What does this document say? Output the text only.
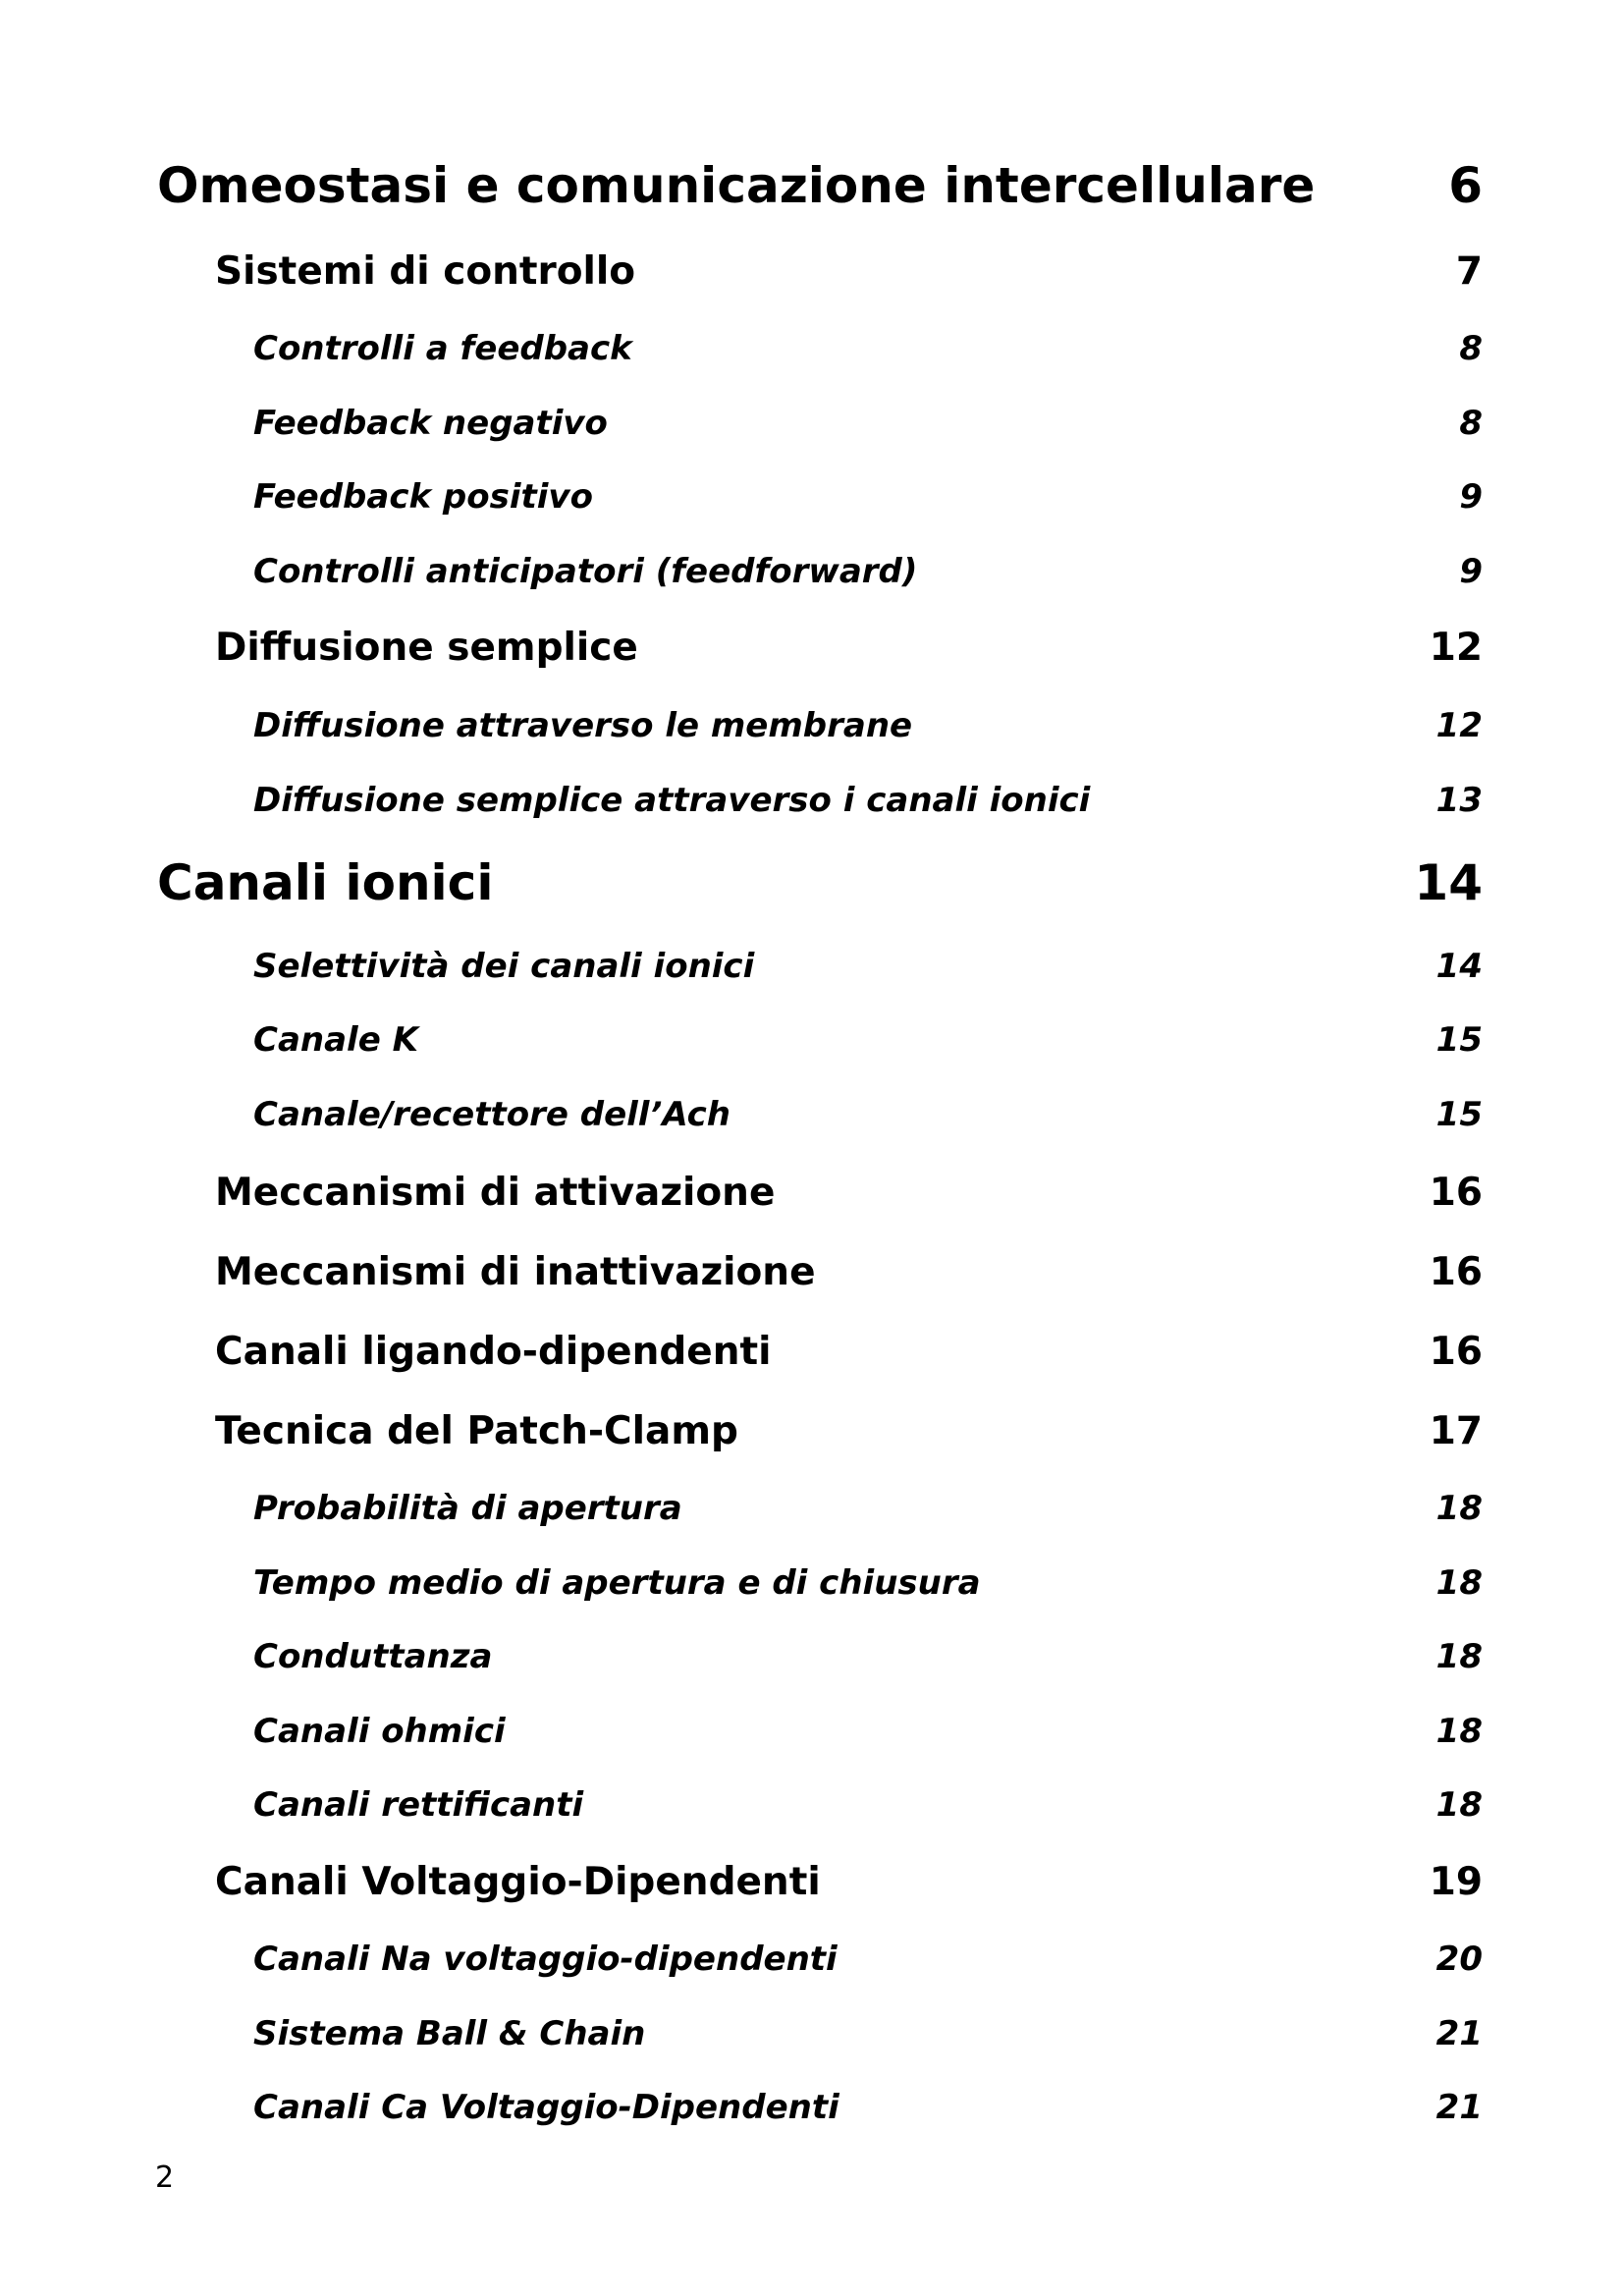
Omeostasi e comunicazione intercellulare	6
Sistemi di controllo	7
Controlli a feedback	8
Feedback negativo	8
Feedback positivo	9
Controlli anticipatori (feedforward)	9
Diffusione semplice	12
Diffusione attraverso le membrane	12
Diffusione semplice attraverso i canali ionici	13
Canali ionici	14
Selettività dei canali ionici	14
Canale K	15
Canale/recettore dell’Ach	15
Meccanismi di attivazione	16
Meccanismi di inattivazione	16
Canali ligando-dipendenti	16
Tecnica del Patch-Clamp	17
Probabilità di apertura	18
Tempo medio di apertura e di chiusura	18
Conduttanza	18
Canali ohmici	18
Canali rettificanti	18
Canali Voltaggio-Dipendenti	19
Canali Na voltaggio-dipendenti	20
Sistema Ball & Chain	21
Canali Ca Voltaggio-Dipendenti	21
2
